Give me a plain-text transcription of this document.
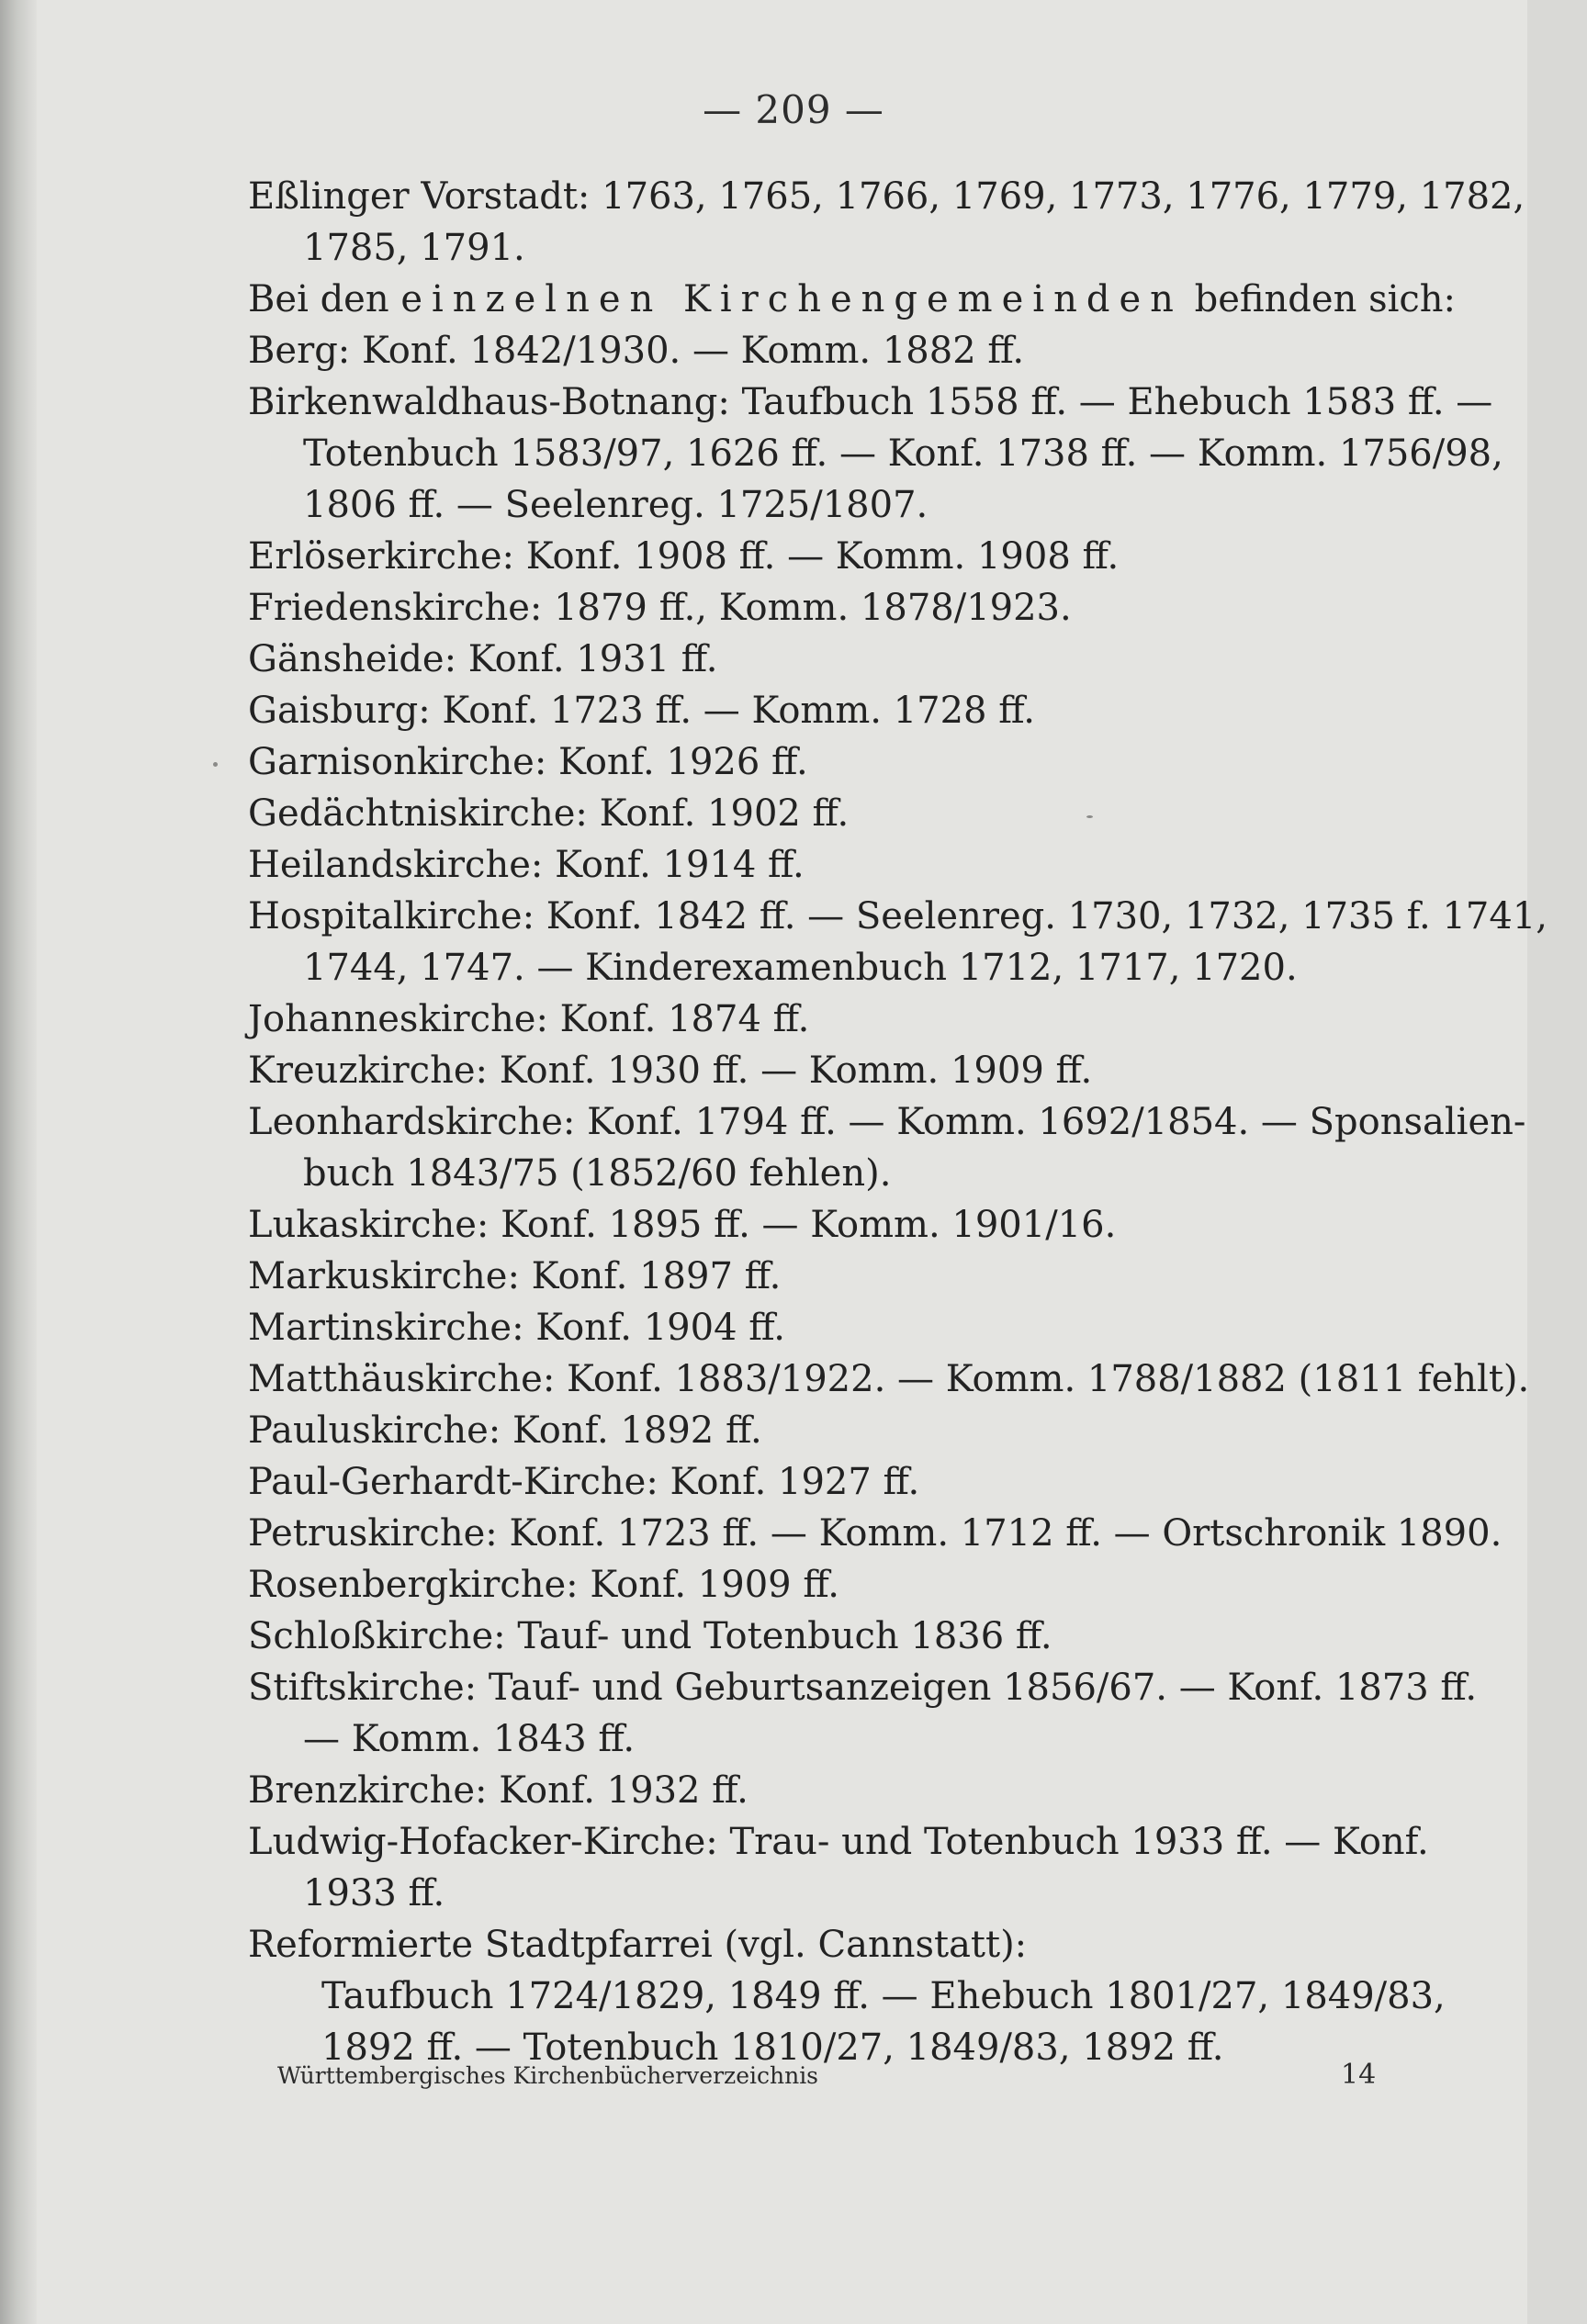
— 209 —
Eßlinger Vorstadt: 1763, 1765, 1766, 1769, 1773, 1776, 1779, 1782,
1785, 1791.
Bei den einzelnen Kirchengemeinden befinden sich:
Berg: Konf. 1842/1930. — Komm. 1882 ff.
Birkenwaldhaus-Botnang: Taufbuch 1558 ff. — Ehebuch 1583 ff. —
Totenbuch 1583/97, 1626 ff. — Konf. 1738 ff. — Komm. 1756/98,
1806 ff. — Seelenreg. 1725/1807.
Erlöserkirche: Konf. 1908 ff. — Komm. 1908 ff.
Friedenskirche: 1879 ff., Komm. 1878/1923.
Gänsheide: Konf. 1931 ff.
Gaisburg: Konf. 1723 ff. — Komm. 1728 ff.
Garnisonkirche: Konf. 1926 ff.
Gedächtniskirche: Konf. 1902 ff.
Heilandskirche: Konf. 1914 ff.
Hospitalkirche: Konf. 1842 ff. — Seelenreg. 1730, 1732, 1735 f. 1741,
1744, 1747. — Kinderexamenbuch 1712, 1717, 1720.
Johanneskirche: Konf. 1874 ff.
Kreuzkirche: Konf. 1930 ff. — Komm. 1909 ff.
Leonhardskirche: Konf. 1794 ff. — Komm. 1692/1854. — Sponsalien-
buch 1843/75 (1852/60 fehlen).
Lukaskirche: Konf. 1895 ff. — Komm. 1901/16.
Markuskirche: Konf. 1897 ff.
Martinskirche: Konf. 1904 ff.
Matthäuskirche: Konf. 1883/1922. — Komm. 1788/1882 (1811 fehlt).
Pauluskirche: Konf. 1892 ff.
Paul-Gerhardt-Kirche: Konf. 1927 ff.
Petruskirche: Konf. 1723 ff. — Komm. 1712 ff. — Ortschronik 1890.
Rosenbergkirche: Konf. 1909 ff.
Schloßkirche: Tauf- und Totenbuch 1836 ff.
Stiftskirche: Tauf- und Geburtsanzeigen 1856/67. — Konf. 1873 ff.
— Komm. 1843 ff.
Brenzkirche: Konf. 1932 ff.
Ludwig-Hofacker-Kirche: Trau- und Totenbuch 1933 ff. — Konf.
1933 ff.
Reformierte Stadtpfarrei (vgl. Cannstatt):
Taufbuch 1724/1829, 1849 ff. — Ehebuch 1801/27, 1849/83,
1892 ff. — Totenbuch 1810/27, 1849/83, 1892 ff.
Württembergisches Kirchenbücherverzeichnis	14
